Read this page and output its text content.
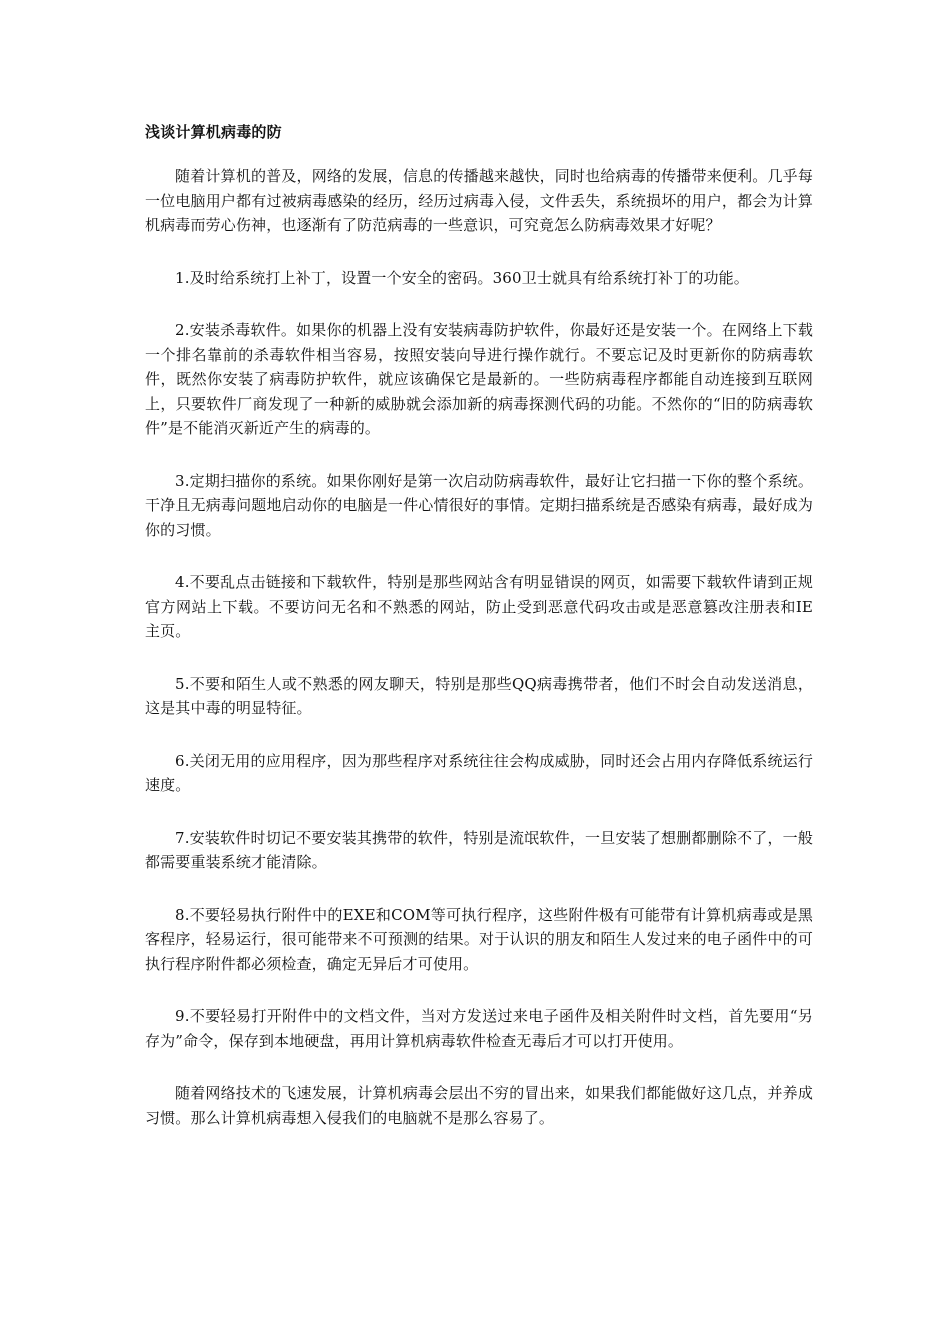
浅谈计算机病毒的防

随着计算机的普及，网络的发展，信息的传播越来越快，同时也给病毒的传播带来便利。几乎每一位电脑用户都有过被病毒感染的经历，经历过病毒入侵，文件丢失，系统损坏的用户，都会为计算机病毒而劳心伤神，也逐渐有了防范病毒的一些意识，可究竟怎么防病毒效果才好呢？

1.及时给系统打上补丁，设置一个安全的密码。360卫士就具有给系统打补丁的功能。

2.安装杀毒软件。如果你的机器上没有安装病毒防护软件，你最好还是安装一个。在网络上下载一个排名靠前的杀毒软件相当容易，按照安装向导进行操作就行。不要忘记及时更新你的防病毒软件，既然你安装了病毒防护软件，就应该确保它是最新的。一些防病毒程序都能自动连接到互联网上，只要软件厂商发现了一种新的威胁就会添加新的病毒探测代码的功能。不然你的“旧的防病毒软件”是不能消灭新近产生的病毒的。

3.定期扫描你的系统。如果你刚好是第一次启动防病毒软件，最好让它扫描一下你的整个系统。干净且无病毒问题地启动你的电脑是一件心情很好的事情。定期扫描系统是否感染有病毒，最好成为你的习惯。

4.不要乱点击链接和下载软件，特别是那些网站含有明显错误的网页，如需要下载软件请到正规官方网站上下载。不要访问无名和不熟悉的网站，防止受到恶意代码攻击或是恶意篡改注册表和IE主页。

5.不要和陌生人或不熟悉的网友聊天，特别是那些QQ病毒携带者，他们不时会自动发送消息，这是其中毒的明显特征。

6.关闭无用的应用程序，因为那些程序对系统往往会构成威胁，同时还会占用内存降低系统运行速度。

7.安装软件时切记不要安装其携带的软件，特别是流氓软件，一旦安装了想删都删除不了，一般都需要重装系统才能清除。

8.不要轻易执行附件中的EXE和COM等可执行程序，这些附件极有可能带有计算机病毒或是黑客程序，轻易运行，很可能带来不可预测的结果。对于认识的朋友和陌生人发过来的电子函件中的可执行程序附件都必须检查，确定无异后才可使用。

9.不要轻易打开附件中的文档文件，当对方发送过来电子函件及相关附件时文档，首先要用“另存为”命令，保存到本地硬盘，再用计算机病毒软件检查无毒后才可以打开使用。

随着网络技术的飞速发展，计算机病毒会层出不穷的冒出来，如果我们都能做好这几点，并养成习惯。那么计算机病毒想入侵我们的电脑就不是那么容易了。
